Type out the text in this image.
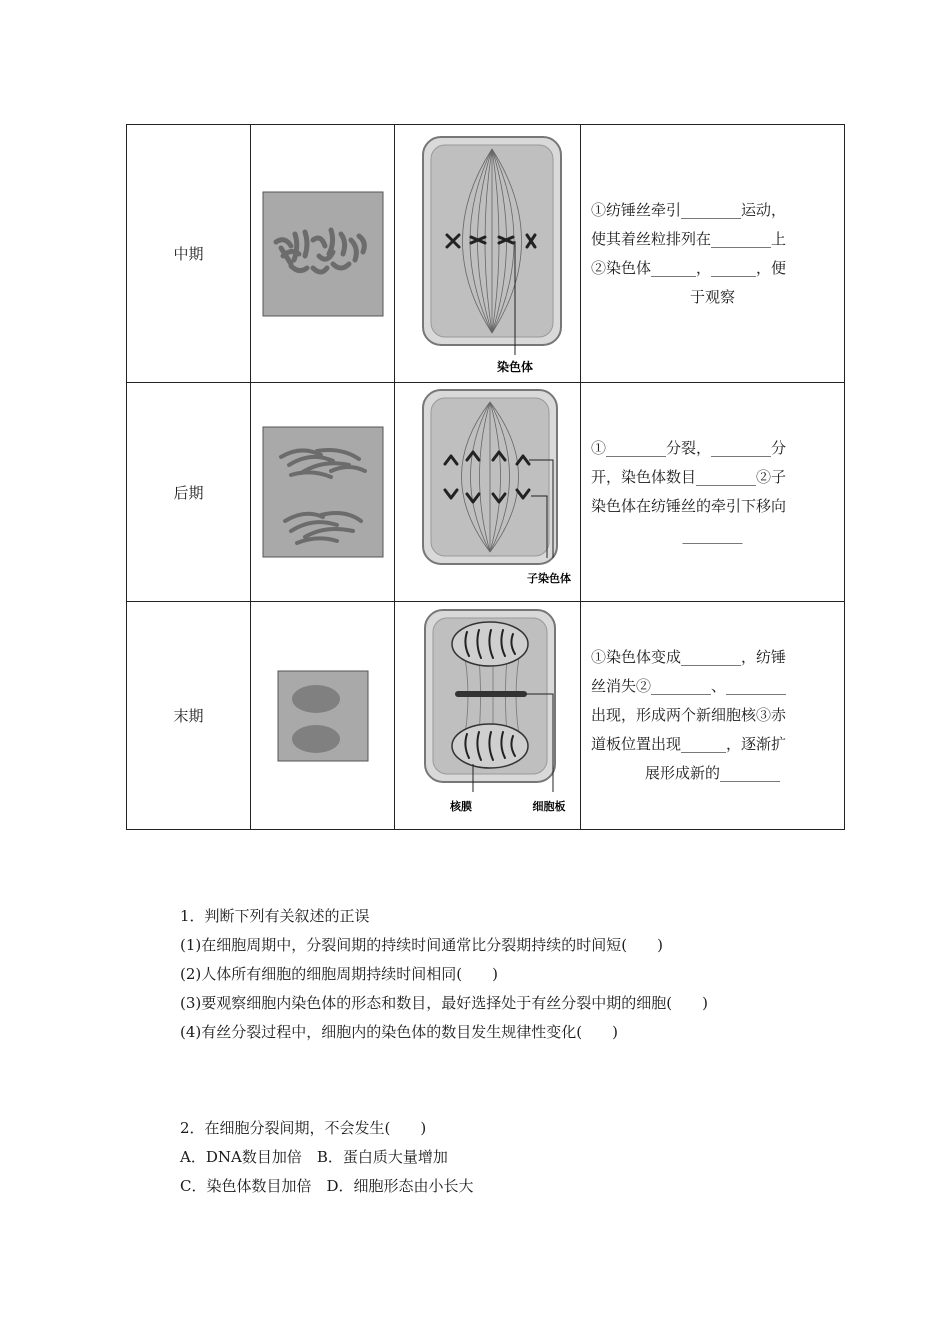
中期		染色体	①纺锤丝牵引________运动，
使其着丝粒排列在________上
②染色体______，______，便

于观察

后期		子染色体	①________分裂，________分
开，染色体数目________②子
染色体在纺锤丝的牵引下移向

________

末期		核膜 细胞板	①染色体变成________，纺锤
丝消失②________、________
出现，形成两个新细胞核③赤
道板位置出现______，逐渐扩

展形成新的________
1．判断下列有关叙述的正误
(1)在细胞周期中，分裂间期的持续时间通常比分裂期持续的时间短(　　)
(2)人体所有细胞的细胞周期持续时间相同(　　)
(3)要观察细胞内染色体的形态和数目，最好选择处于有丝分裂中期的细胞(　　)
(4)有丝分裂过程中，细胞内的染色体的数目发生规律性变化(　　)
2．在细胞分裂间期，不会发生(　　)
A．DNA数目加倍　B．蛋白质大量增加
C．染色体数目加倍　D．细胞形态由小长大
